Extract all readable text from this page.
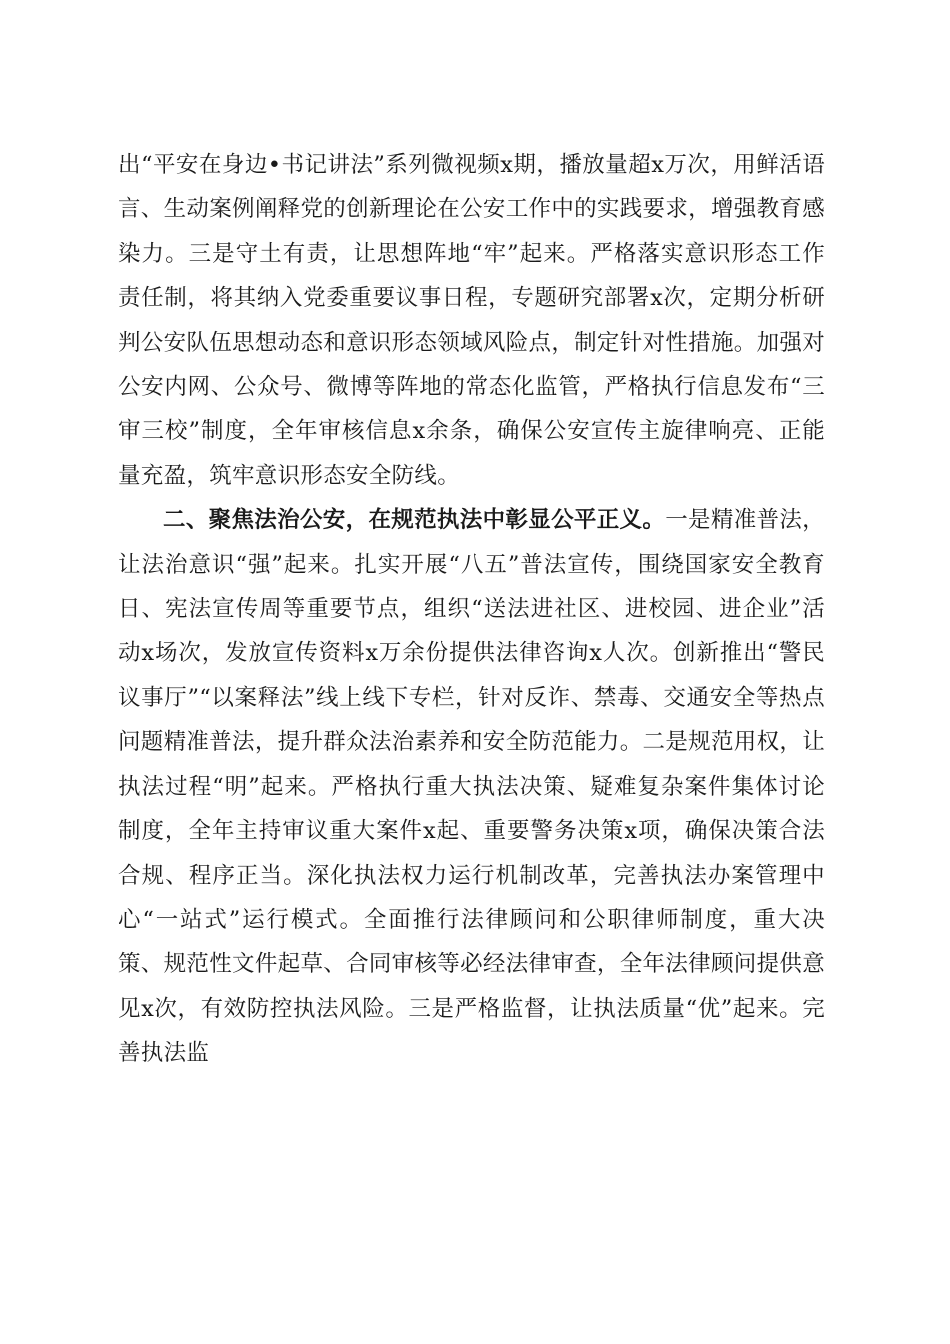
出“平安在身边•书记讲法”系列微视频x期，播放量超x万次，用鲜活语言、生动案例阐释党的创新理论在公安工作中的实践要求，增强教育感染力。三是守土有责，让思想阵地“牢”起来。严格落实意识形态工作责任制，将其纳入党委重要议事日程，专题研究部署x次，定期分析研判公安队伍思想动态和意识形态领域风险点，制定针对性措施。加强对公安内网、公众号、微博等阵地的常态化监管，严格执行信息发布“三审三校”制度，全年审核信息x余条，确保公安宣传主旋律响亮、正能量充盈，筑牢意识形态安全防线。

二、聚焦法治公安，在规范执法中彰显公平正义。一是精准普法，让法治意识“强”起来。扎实开展“八五”普法宣传，围绕国家安全教育日、宪法宣传周等重要节点，组织“送法进社区、进校园、进企业”活动x场次，发放宣传资料x万余份提供法律咨询x人次。创新推出“警民议事厅”“以案释法”线上线下专栏，针对反诈、禁毒、交通安全等热点问题精准普法，提升群众法治素养和安全防范能力。二是规范用权，让执法过程“明”起来。严格执行重大执法决策、疑难复杂案件集体讨论制度，全年主持审议重大案件x起、重要警务决策x项，确保决策合法合规、程序正当。深化执法权力运行机制改革，完善执法办案管理中心“一站式”运行模式。全面推行法律顾问和公职律师制度，重大决策、规范性文件起草、合同审核等必经法律审查，全年法律顾问提供意见x次，有效防控执法风险。三是严格监督，让执法质量“优”起来。完善执法监
